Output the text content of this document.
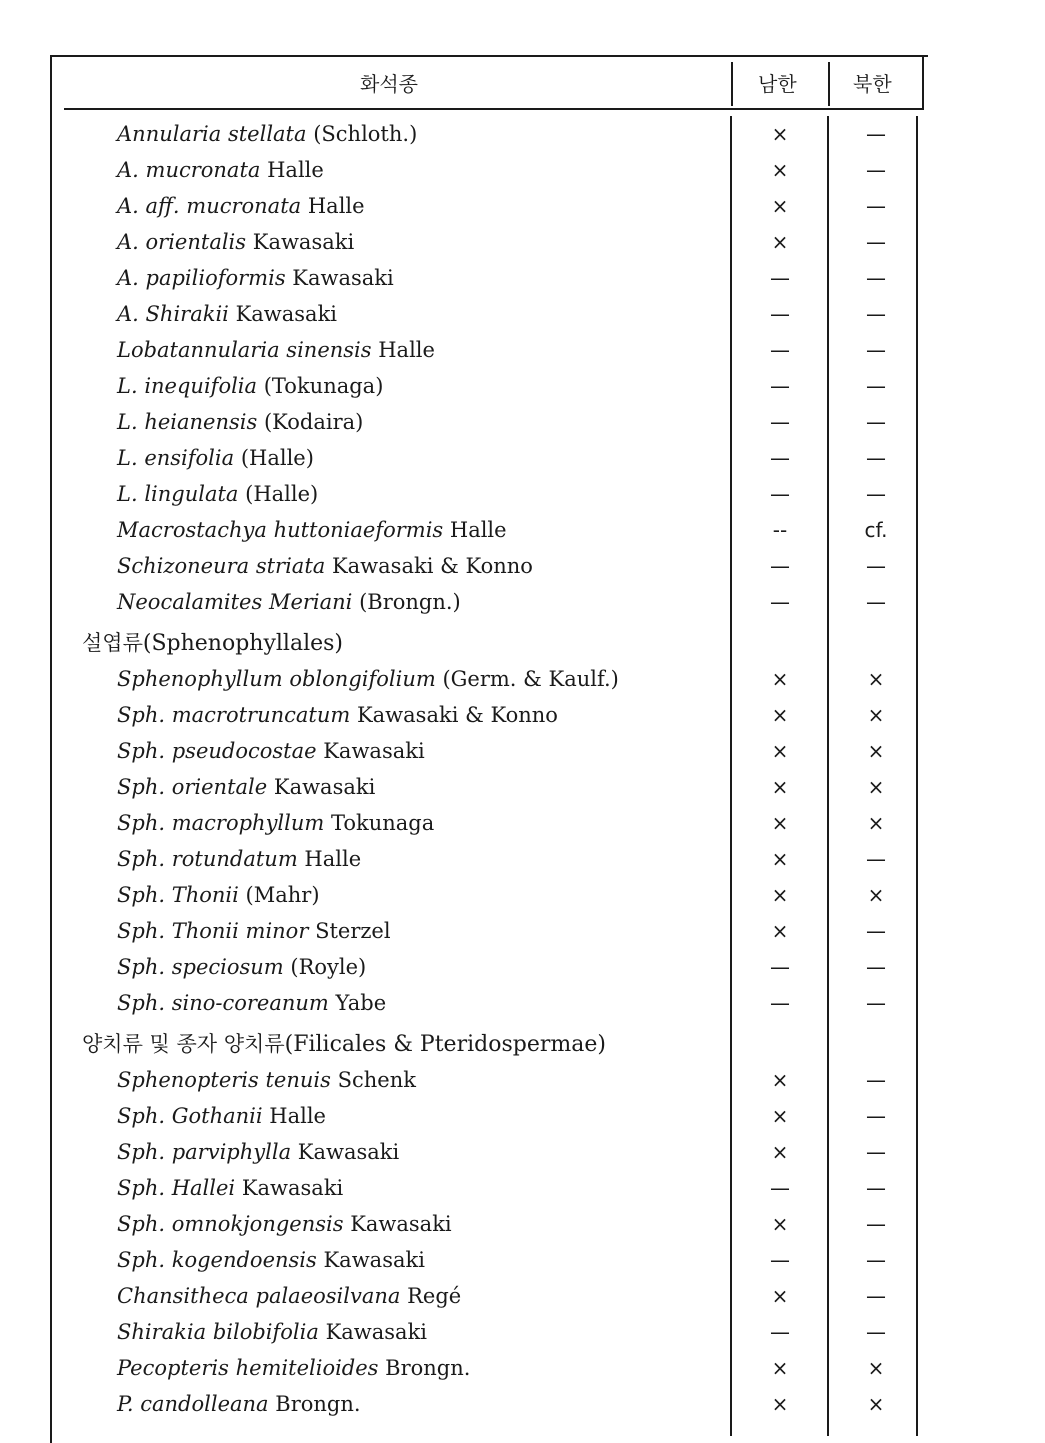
화석종	남한	북한
Annularia stellata (Schloth.)	×	—
A. mucronata Halle	×	—
A. aff. mucronata Halle	×	—
A. orientalis Kawasaki	×	—
A. papilioformis Kawasaki	—	—
A. Shirakii Kawasaki	—	—
Lobatannularia sinensis Halle	—	—
L. inequifolia (Tokunaga)	—	—
L. heianensis (Kodaira)	—	—
L. ensifolia (Halle)	—	—
L. lingulata (Halle)	—	—
Macrostachya huttoniaeformis Halle	--	cf.
Schizoneura striata Kawasaki & Konno	—	—
Neocalamites Meriani (Brongn.)	—	—
설엽류(Sphenophyllales)
Sphenophyllum oblongifolium (Germ. & Kaulf.)	×	×
Sph. macrotruncatum Kawasaki & Konno	×	×
Sph. pseudocostae Kawasaki	×	×
Sph. orientale Kawasaki	×	×
Sph. macrophyllum Tokunaga	×	×
Sph. rotundatum Halle	×	—
Sph. Thonii (Mahr)	×	×
Sph. Thonii minor Sterzel	×	—
Sph. speciosum (Royle)	—	—
Sph. sino-coreanum Yabe	—	—
양치류 및 종자 양치류(Filicales & Pteridospermae)
Sphenopteris tenuis Schenk	×	—
Sph. Gothanii Halle	×	—
Sph. parviphylla Kawasaki	×	—
Sph. Hallei Kawasaki	—	—
Sph. omnokjongensis Kawasaki	×	—
Sph. kogendoensis Kawasaki	—	—
Chansitheca palaeosilvana Regé	×	—
Shirakia bilobifolia Kawasaki	—	—
Pecopteris hemitelioides Brongn.	×	×
P. candolleana Brongn.	×	×
